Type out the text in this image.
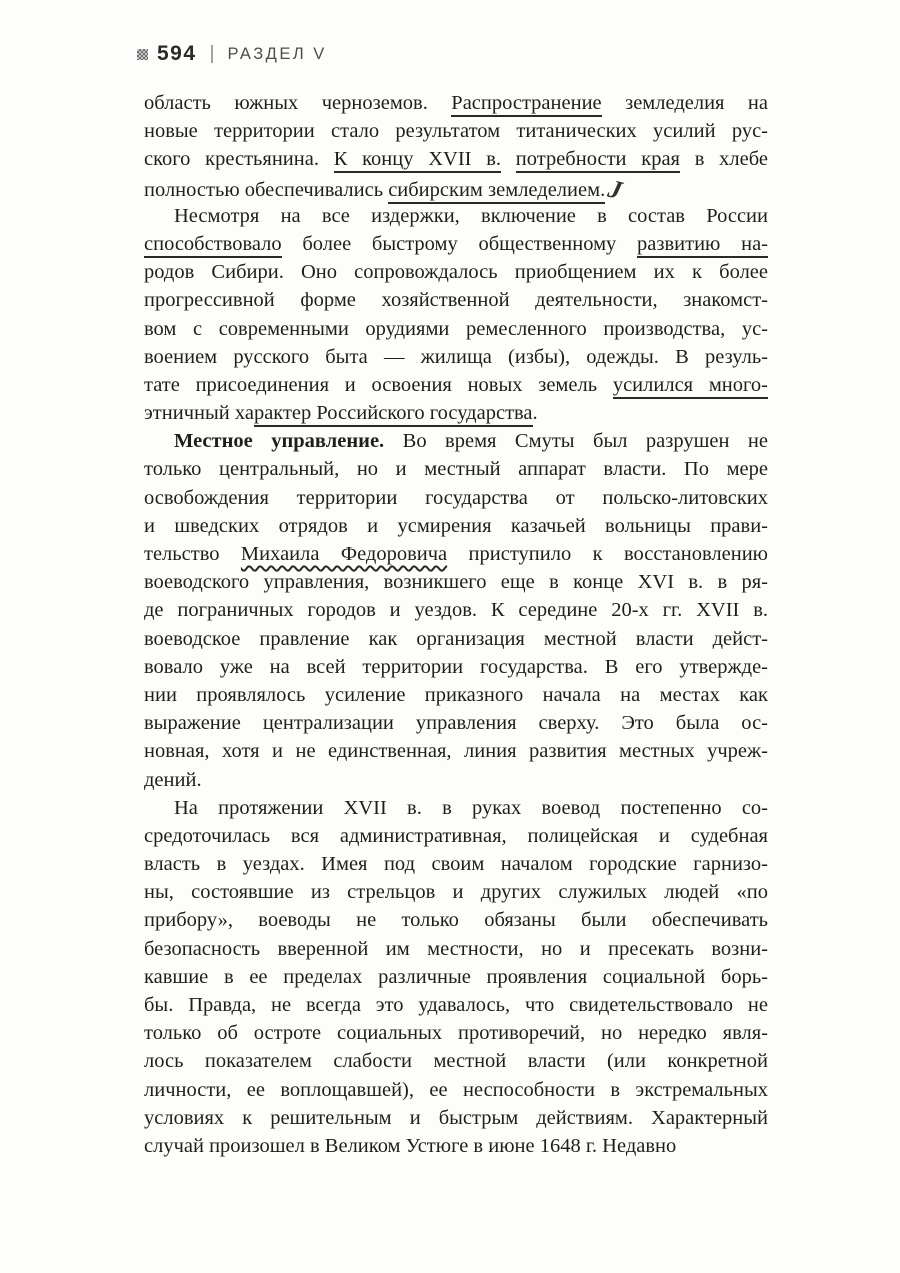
594 | РАЗДЕЛ V
область южных черноземов. Распространение земледелия на
новые территории стало результатом титанических усилий рус-
ского крестьянина. К концу XVII в. потребности края в хлебе
полностью обеспечивались сибирским земледелием.J
Несмотря на все издержки, включение в состав России
способствовало более быстрому общественному развитию на-
родов Сибири. Оно сопровождалось приобщением их к более
прогрессивной форме хозяйственной деятельности, знакомст-
вом с современными орудиями ремесленного производства, ус-
воением русского быта — жилища (избы), одежды. В резуль-
тате присоединения и освоения новых земель усилился много-
этничный характер Российского государства.
Местное управление. Во время Смуты был разрушен не
только центральный, но и местный аппарат власти. По мере
освобождения территории государства от польско-литовских
и шведских отрядов и усмирения казачьей вольницы прави-
тельство Михаила Федоровича приступило к восстановлению
воеводского управления, возникшего еще в конце XVI в. в ря-
де пограничных городов и уездов. К середине 20-х гг. XVII в.
воеводское правление как организация местной власти дейст-
вовало уже на всей территории государства. В его утвержде-
нии проявлялось усиление приказного начала на местах как
выражение централизации управления сверху. Это была ос-
новная, хотя и не единственная, линия развития местных учреж-
дений.
На протяжении XVII в. в руках воевод постепенно со-
средоточилась вся административная, полицейская и судебная
власть в уездах. Имея под своим началом городские гарнизо-
ны, состоявшие из стрельцов и других служилых людей «по
прибору», воеводы не только обязаны были обеспечивать
безопасность вверенной им местности, но и пресекать возни-
кавшие в ее пределах различные проявления социальной борь-
бы. Правда, не всегда это удавалось, что свидетельствовало не
только об остроте социальных противоречий, но нередко явля-
лось показателем слабости местной власти (или конкретной
личности, ее воплощавшей), ее неспособности в экстремальных
условиях к решительным и быстрым действиям. Характерный
случай произошел в Великом Устюге в июне 1648 г. Недавно
